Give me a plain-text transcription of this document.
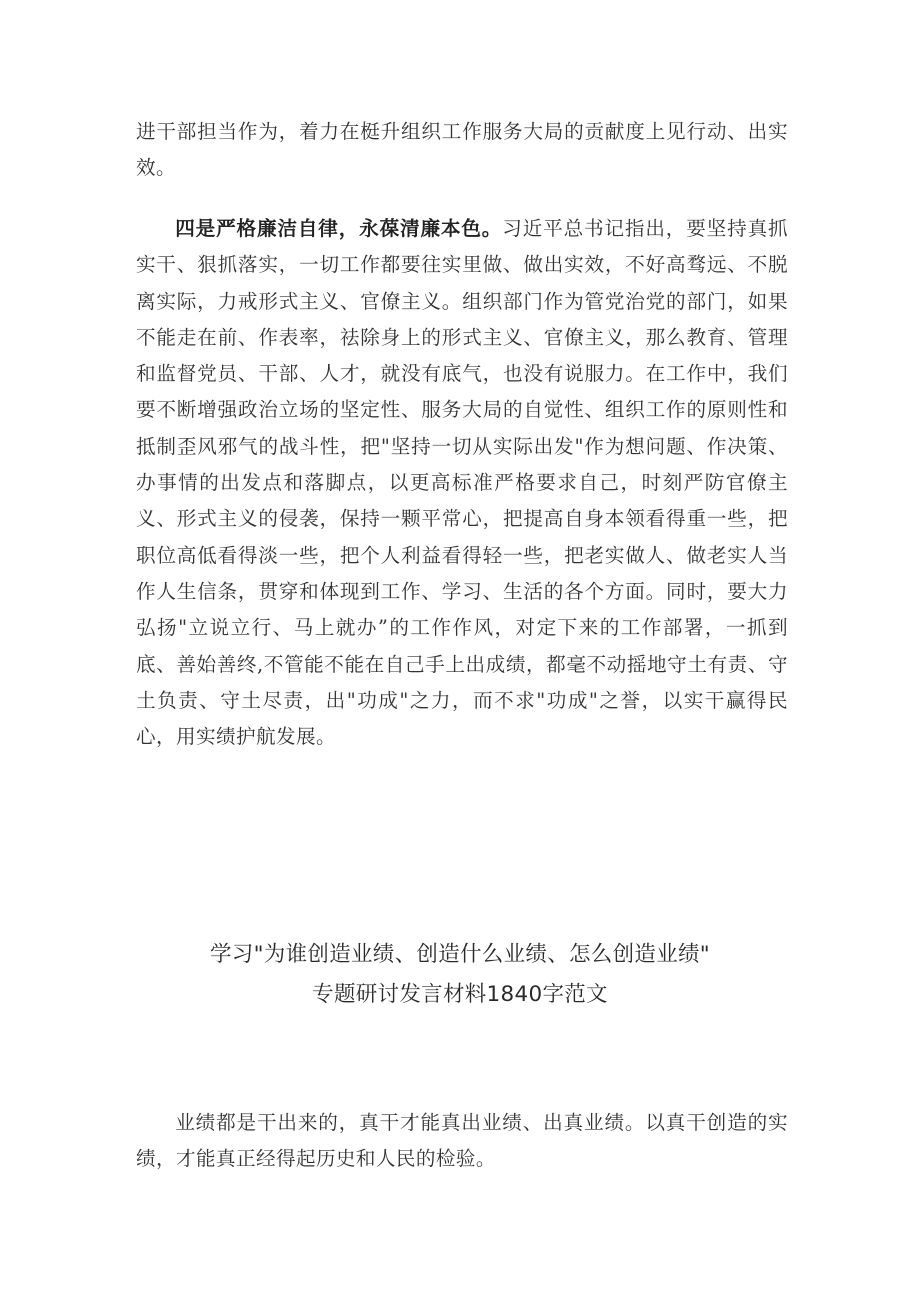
进干部担当作为，着力在梃升组织工作服务大局的贡献度上见行动、出实效。

四是严格廉洁自律，永葆清廉本色。习近平总书记指出，要坚持真抓实干、狠抓落实，一切工作都要往实里做、做出实效，不好高骛远、不脱离实际，力戒形式主义、官僚主义。组织部门作为管党治党的部门，如果不能走在前、作表率，祛除身上的形式主义、官僚主义，那么教育、管理和监督党员、干部、人才，就没有底气，也没有说服力。在工作中，我们要不断增强政治立场的坚定性、服务大局的自觉性、组织工作的原则性和抵制歪风邪气的战斗性，把"坚持一切从实际出发"作为想问题、作决策、办事情的出发点和落脚点，以更高标准严格要求自己，时刻严防官僚主义、形式主义的侵袭，保持一颗平常心，把提高自身本领看得重一些，把职位高低看得淡一些，把个人利益看得轻一些，把老实做人、做老实人当作人生信条，贯穿和体现到工作、学习、生活的各个方面。同时，要大力弘扬"立说立行、马上就办”的工作作风，对定下来的工作部署，一抓到底、善始善终,不管能不能在自己手上出成绩，都毫不动摇地守土有责、守土负责、守土尽责，出"功成"之力，而不求"功成"之誉，以实干赢得民心，用实绩护航发展。

学习"为谁创造业绩、创造什么业绩、怎么创造业绩"
专题研讨发言材料1840字范文

业绩都是干出来的，真干才能真出业绩、出真业绩。以真干创造的实绩，才能真正经得起历史和人民的检验。
